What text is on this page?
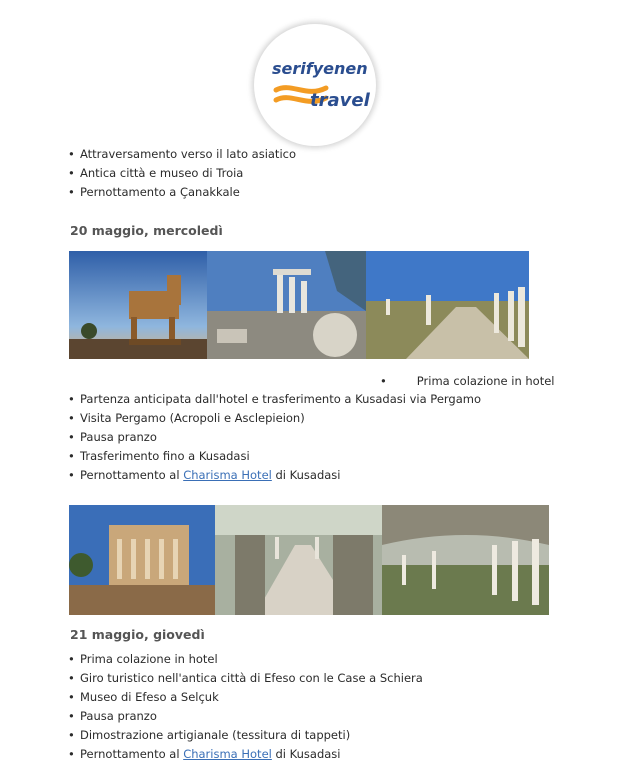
serifyenen
travel
• Attraversamento verso il lato asiatico
• Antica città e museo di Troia
• Pernottamento a Çanakkale
20 maggio, mercoledì
•	Prima colazione in hotel
• Partenza anticipata dall'hotel e trasferimento a Kusadasi via Pergamo
• Visita Pergamo (Acropoli e Asclepieion)
• Pausa pranzo
• Trasferimento fino a Kusadasi
• Pernottamento al Charisma Hotel di Kusadasi
21 maggio, giovedì
• Prima colazione in hotel
• Giro turistico nell'antica città di Efeso con le Case a Schiera
• Museo di Efeso a Selçuk
• Pausa pranzo
• Dimostrazione artigianale (tessitura di tappeti)
• Pernottamento al Charisma Hotel di Kusadasi
